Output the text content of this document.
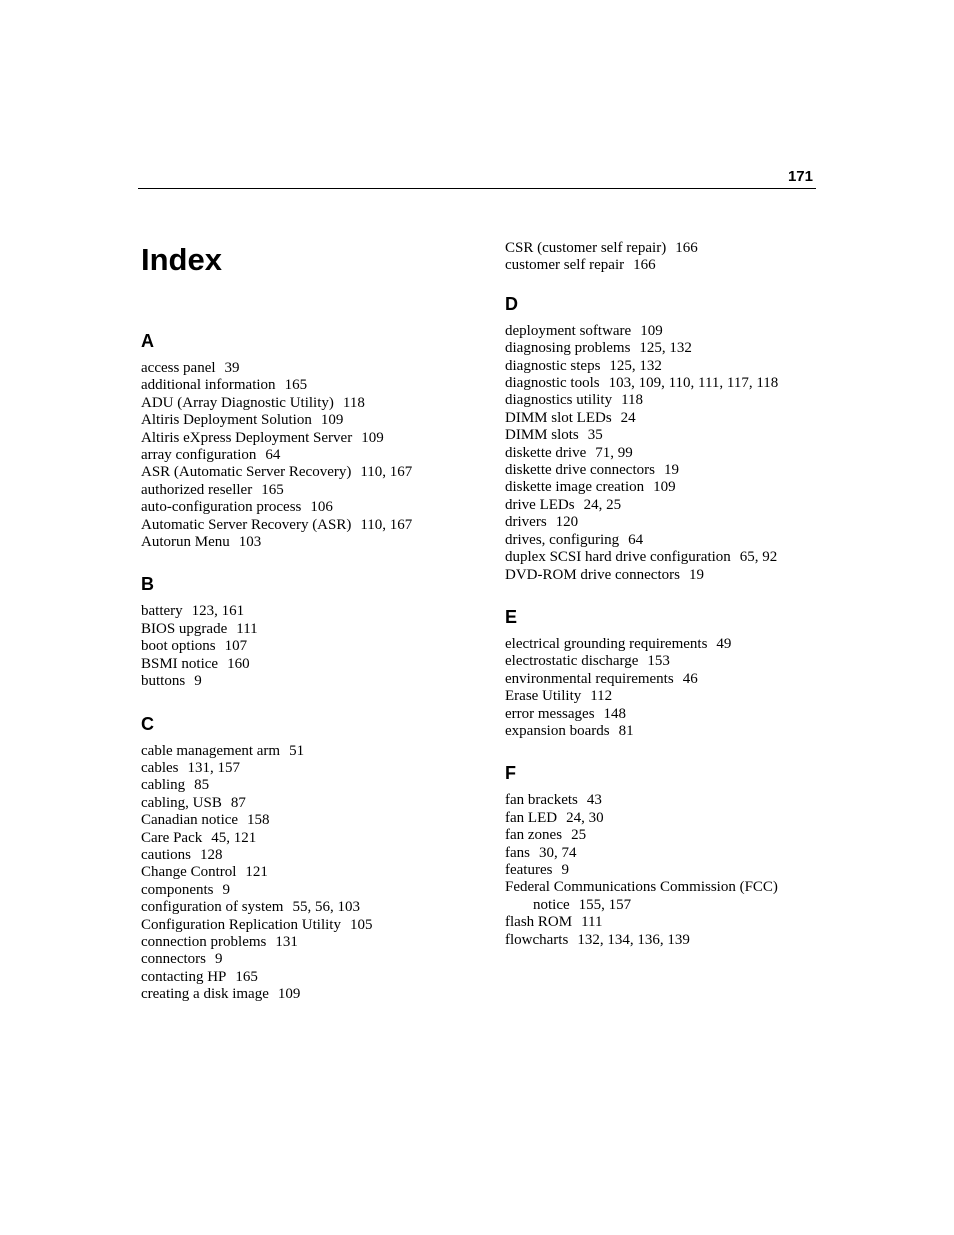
171
Index
A
access panel 39
additional information 165
ADU (Array Diagnostic Utility) 118
Altiris Deployment Solution 109
Altiris eXpress Deployment Server 109
array configuration 64
ASR (Automatic Server Recovery) 110, 167
authorized reseller 165
auto-configuration process 106
Automatic Server Recovery (ASR) 110, 167
Autorun Menu 103
B
battery 123, 161
BIOS upgrade 111
boot options 107
BSMI notice 160
buttons 9
C
cable management arm 51
cables 131, 157
cabling 85
cabling, USB 87
Canadian notice 158
Care Pack 45, 121
cautions 128
Change Control 121
components 9
configuration of system 55, 56, 103
Configuration Replication Utility 105
connection problems 131
connectors 9
contacting HP 165
creating a disk image 109
CSR (customer self repair) 166
customer self repair 166
D
deployment software 109
diagnosing problems 125, 132
diagnostic steps 125, 132
diagnostic tools 103, 109, 110, 111, 117, 118
diagnostics utility 118
DIMM slot LEDs 24
DIMM slots 35
diskette drive 71, 99
diskette drive connectors 19
diskette image creation 109
drive LEDs 24, 25
drivers 120
drives, configuring 64
duplex SCSI hard drive configuration 65, 92
DVD-ROM drive connectors 19
E
electrical grounding requirements 49
electrostatic discharge 153
environmental requirements 46
Erase Utility 112
error messages 148
expansion boards 81
F
fan brackets 43
fan LED 24, 30
fan zones 25
fans 30, 74
features 9
Federal Communications Commission (FCC)
notice 155, 157
flash ROM 111
flowcharts 132, 134, 136, 139
